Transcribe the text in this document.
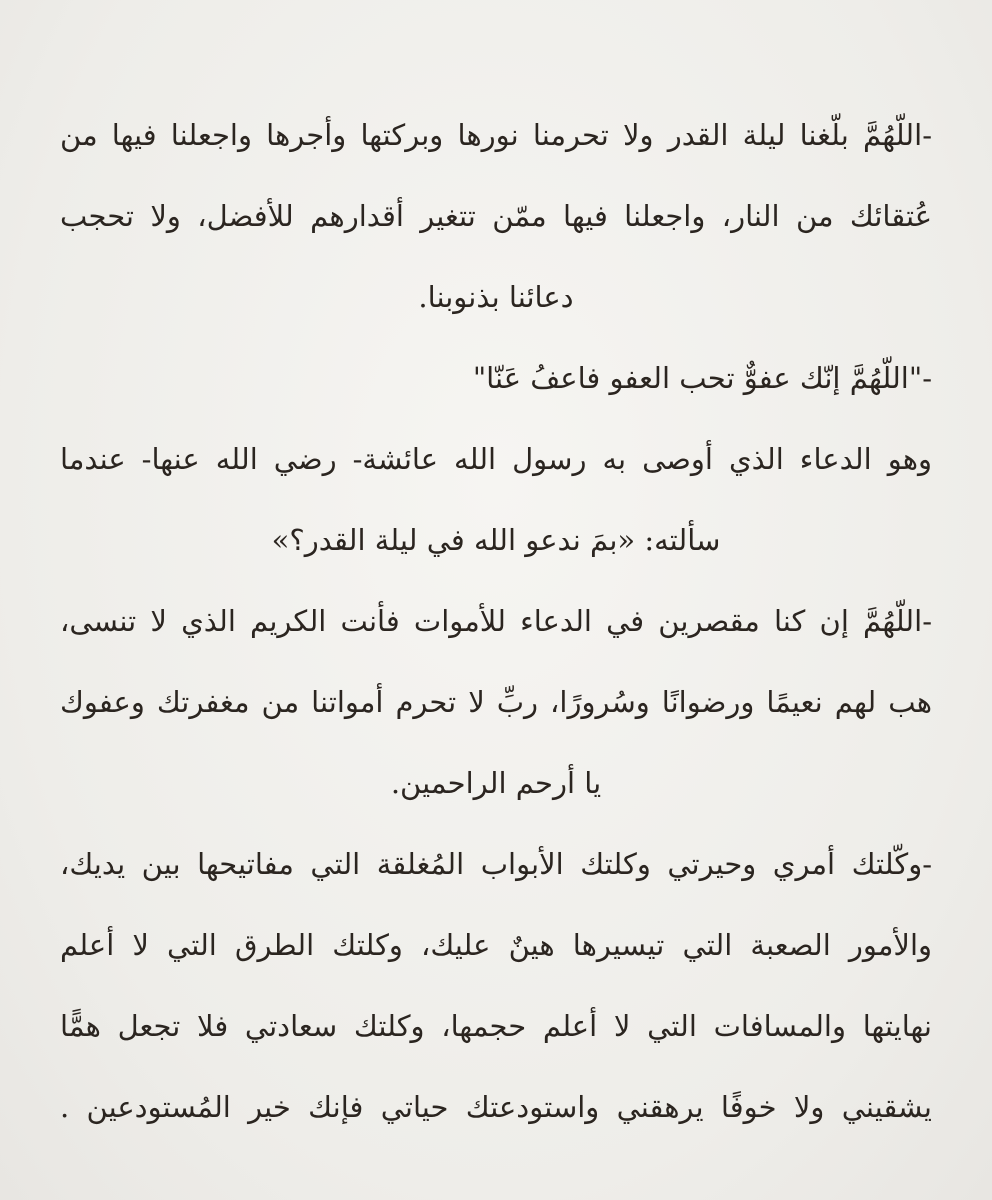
-اللّهُمَّ بلّغنا ليلة القدر ولا تحرمنا نورها وبركتها وأجرها واجعلنا فيها من
عُتقائك من النار، واجعلنا فيها ممّن تتغير أقدارهم للأفضل، ولا تحجب
دعائنا بذنوبنا.
-"اللّهُمَّ إنّك عفوٌّ تحب العفو فاعفُ عَنّا"
وهو الدعاء الذي أوصى به رسول الله عائشة- رضي الله عنها- عندما
سألته: «بمَ ندعو الله في ليلة القدر؟»
-اللّهُمَّ إن كنا مقصرين في الدعاء للأموات فأنت الكريم الذي لا تنسى،
هب لهم نعيمًا ورضوانًا وسُرورًا، ربِّ لا تحرم أمواتنا من مغفرتك وعفوك
يا أرحم الراحمين.
-وكّلتك أمري وحيرتي وكلتك الأبواب المُغلقة التي مفاتيحها بين يديك،
والأمور الصعبة التي تيسيرها هينٌ عليك، وكلتك الطرق التي لا أعلم
نهايتها والمسافات التي لا أعلم حجمها، وكلتك سعادتي فلا تجعل همًّا
يشقيني ولا خوفًا يرهقني واستودعتك حياتي فإنك خير المُستودعين .
